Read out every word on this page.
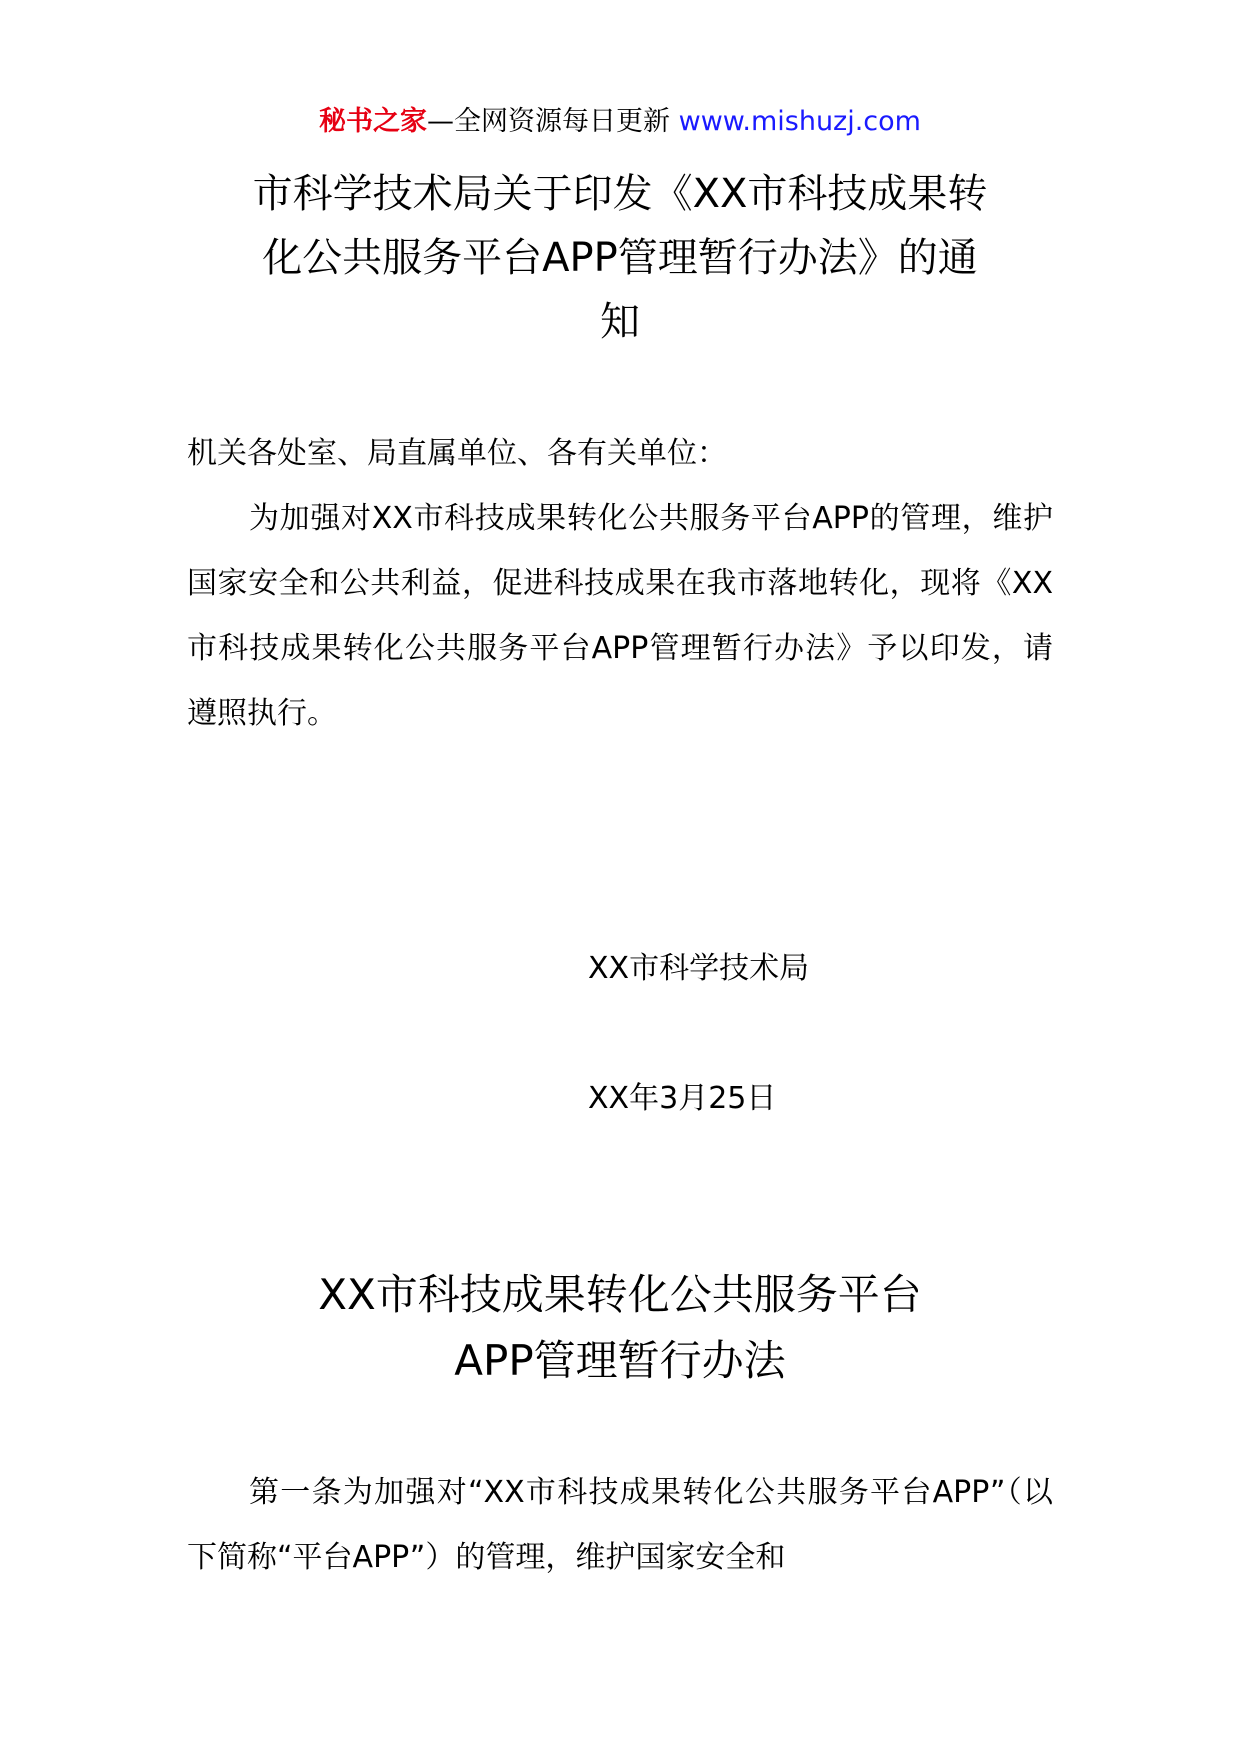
秘书之家—全网资源每日更新 www.mishuzj.com
市科学技术局关于印发《XX市科技成果转
化公共服务平台APP管理暂行办法》的通
知

机关各处室、局直属单位、各有关单位：

为加强对XX市科技成果转化公共服务平台APP的管理，维护国家安全和公共利益，促进科技成果在我市落地转化，现将《XX市科技成果转化公共服务平台APP管理暂行办法》予以印发，请遵照执行。

XX市科学技术局
XX年3月25日
XX市科技成果转化公共服务平台
APP管理暂行办法

第一条为加强对“XX市科技成果转化公共服务平台APP”（以下简称“平台APP”）的管理，维护国家安全和
